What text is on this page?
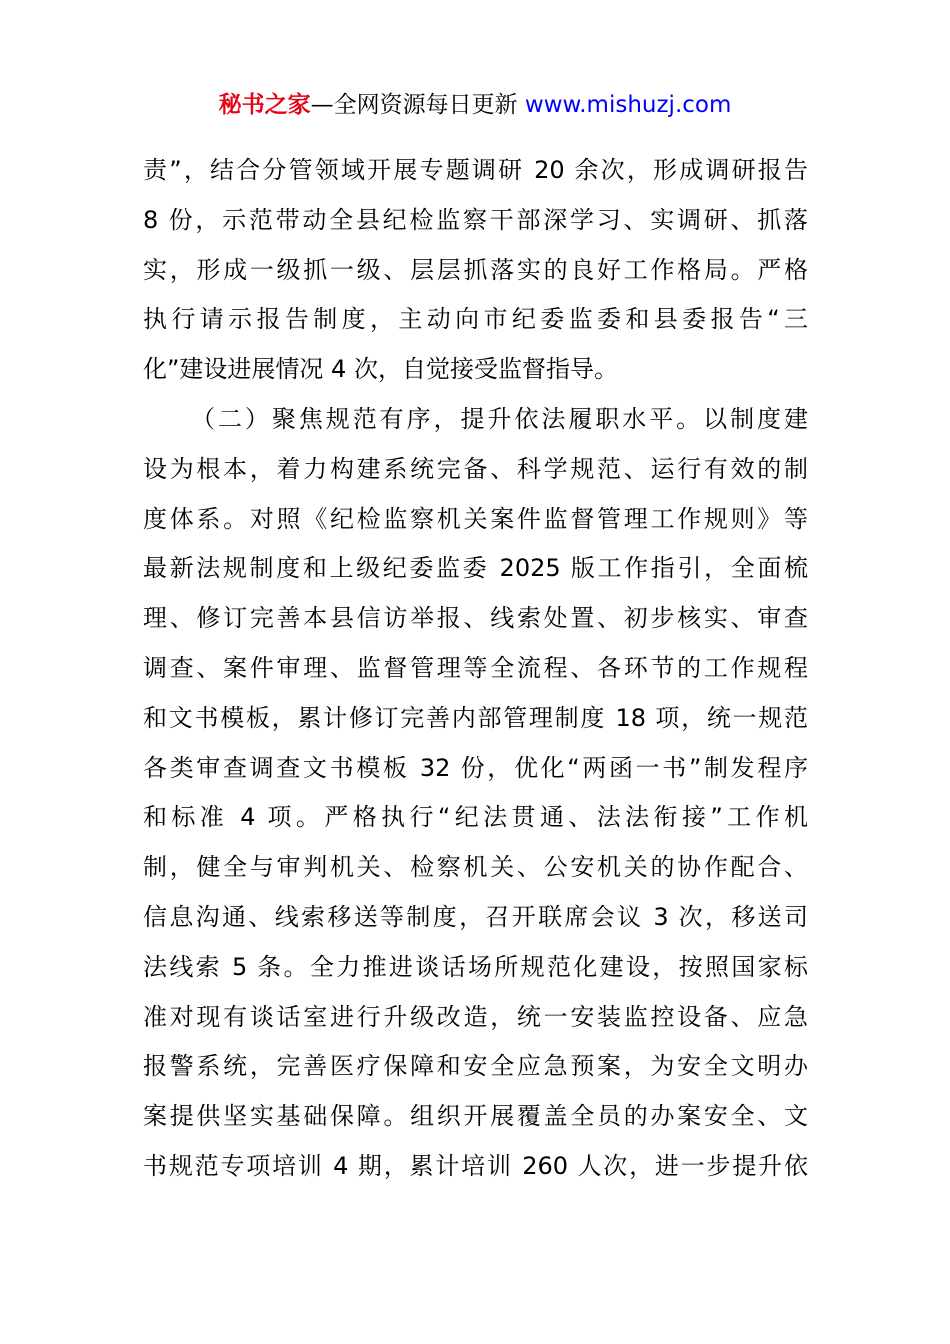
秘书之家—全网资源每日更新 www.mishuzj.com
责”，结合分管领域开展专题调研 20 余次，形成调研报告
8 份，示范带动全县纪检监察干部深学习、实调研、抓落
实，形成一级抓一级、层层抓落实的良好工作格局。严格
执行请示报告制度，主动向市纪委监委和县委报告“三
化”建设进展情况 4 次，自觉接受监督指导。
（二）聚焦规范有序，提升依法履职水平。以制度建
设为根本，着力构建系统完备、科学规范、运行有效的制
度体系。对照《纪检监察机关案件监督管理工作规则》等
最新法规制度和上级纪委监委 2025 版工作指引，全面梳
理、修订完善本县信访举报、线索处置、初步核实、审查
调查、案件审理、监督管理等全流程、各环节的工作规程
和文书模板，累计修订完善内部管理制度 18 项，统一规范
各类审查调查文书模板 32 份，优化“两函一书”制发程序
和标准 4 项。严格执行“纪法贯通、法法衔接”工作机
制，健全与审判机关、检察机关、公安机关的协作配合、
信息沟通、线索移送等制度，召开联席会议 3 次，移送司
法线索 5 条。全力推进谈话场所规范化建设，按照国家标
准对现有谈话室进行升级改造，统一安装监控设备、应急
报警系统，完善医疗保障和安全应急预案，为安全文明办
案提供坚实基础保障。组织开展覆盖全员的办案安全、文
书规范专项培训 4 期，累计培训 260 人次，进一步提升依
